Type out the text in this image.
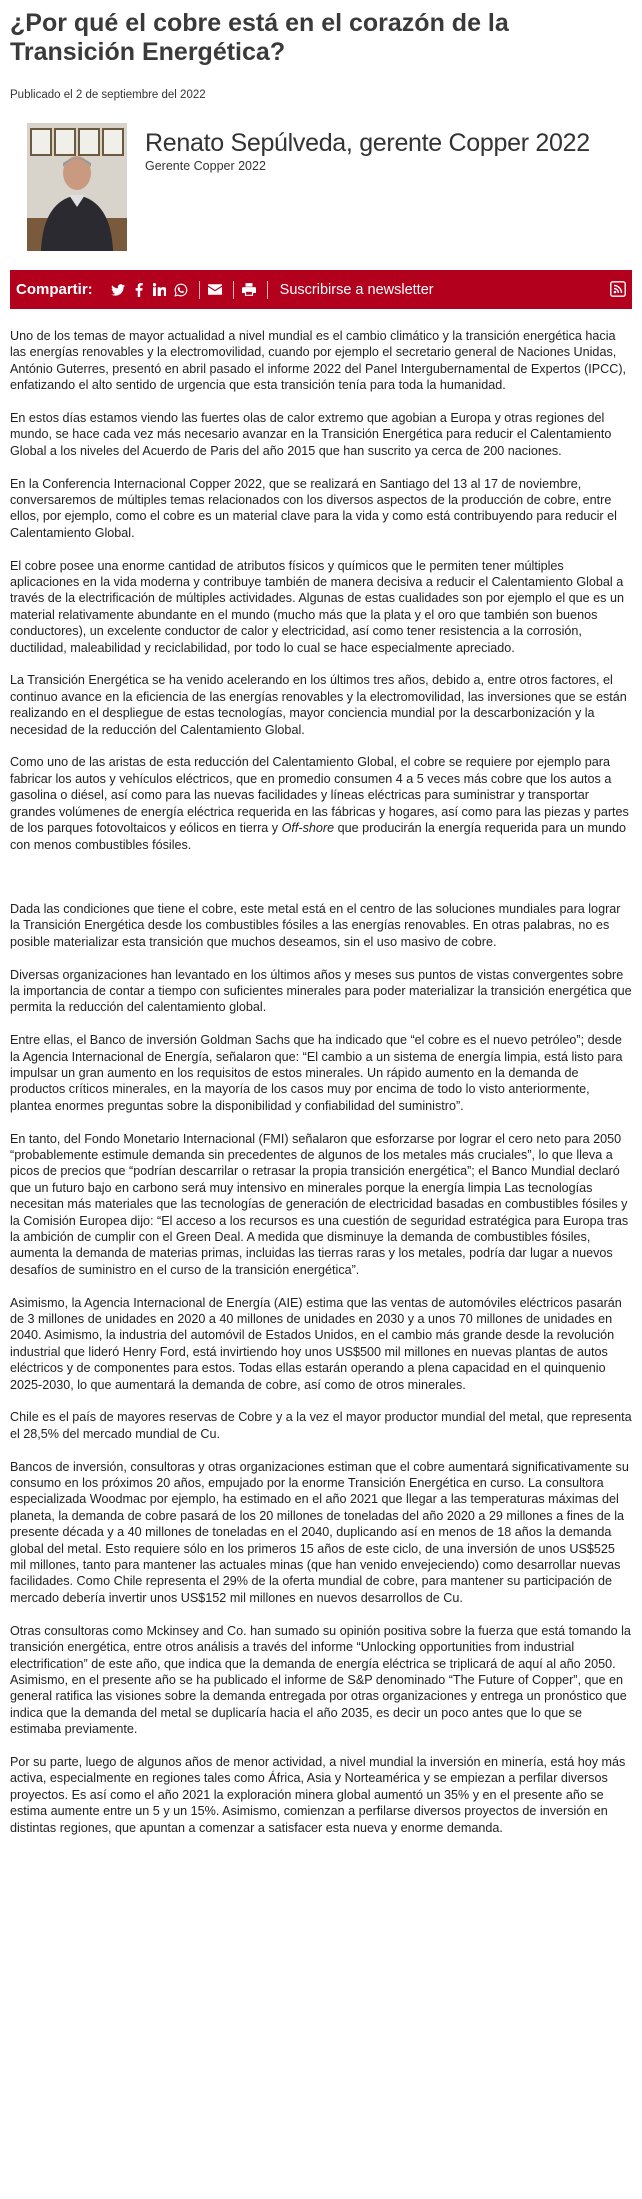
¿Por qué el cobre está en el corazón de la Transición Energética?
Publicado el 2 de septiembre del 2022
Renato Sepúlveda, gerente Copper 2022
Gerente Copper 2022
Compartir:	Suscribirse a newsletter

Uno de los temas de mayor actualidad a nivel mundial es el cambio climático y la transición energética hacia las energías renovables y la electromovilidad, cuando por ejemplo el secretario general de Naciones Unidas, António Guterres, presentó en abril pasado el informe 2022 del Panel Intergubernamental de Expertos (IPCC), enfatizando el alto sentido de urgencia que esta transición tenía para toda la humanidad.

En estos días estamos viendo las fuertes olas de calor extremo que agobian a Europa y otras regiones del mundo, se hace cada vez más necesario avanzar en la Transición Energética para reducir el Calentamiento Global a los niveles del Acuerdo de Paris del año 2015 que han suscrito ya cerca de 200 naciones.

En la Conferencia Internacional Copper 2022, que se realizará en Santiago del 13 al 17 de noviembre, conversaremos de múltiples temas relacionados con los diversos aspectos de la producción de cobre, entre ellos, por ejemplo, como el cobre es un material clave para la vida y como está contribuyendo para reducir el Calentamiento Global.

El cobre posee una enorme cantidad de atributos físicos y químicos que le permiten tener múltiples aplicaciones en la vida moderna y contribuye también de manera decisiva a reducir el Calentamiento Global a través de la electrificación de múltiples actividades. Algunas de estas cualidades son por ejemplo el que es un material relativamente abundante en el mundo (mucho más que la plata y el oro que también son buenos conductores), un excelente conductor de calor y electricidad, así como tener resistencia a la corrosión, ductilidad, maleabilidad y reciclabilidad, por todo lo cual se hace especialmente apreciado.

La Transición Energética se ha venido acelerando en los últimos tres años, debido a, entre otros factores, el continuo avance en la eficiencia de las energías renovables y la electromovilidad, las inversiones que se están realizando en el despliegue de estas tecnologías, mayor conciencia mundial por la descarbonización y la necesidad de la reducción del Calentamiento Global.

Como uno de las aristas de esta reducción del Calentamiento Global, el cobre se requiere por ejemplo para fabricar los autos y vehículos eléctricos, que en promedio consumen 4 a 5 veces más cobre que los autos a gasolina o diésel, así como para las nuevas facilidades y líneas eléctricas para suministrar y transportar grandes volúmenes de energía eléctrica requerida en las fábricas y hogares, así como para las piezas y partes de los parques fotovoltaicos y eólicos en tierra y Off-shore que producirán la energía requerida para un mundo con menos combustibles fósiles.

Dada las condiciones que tiene el cobre, este metal está en el centro de las soluciones mundiales para lograr la Transición Energética desde los combustibles fósiles a las energías renovables. En otras palabras, no es posible materializar esta transición que muchos deseamos, sin el uso masivo de cobre.

Diversas organizaciones han levantado en los últimos años y meses sus puntos de vistas convergentes sobre la importancia de contar a tiempo con suficientes minerales para poder materializar la transición energética que permita la reducción del calentamiento global.

Entre ellas, el Banco de inversión Goldman Sachs que ha indicado que “el cobre es el nuevo petróleo”; desde la Agencia Internacional de Energía, señalaron que: “El cambio a un sistema de energía limpia, está listo para impulsar un gran aumento en los requisitos de estos minerales. Un rápido aumento en la demanda de productos críticos minerales, en la mayoría de los casos muy por encima de todo lo visto anteriormente, plantea enormes preguntas sobre la disponibilidad y confiabilidad del suministro”.

En tanto, del Fondo Monetario Internacional (FMI) señalaron que esforzarse por lograr el cero neto para 2050 “probablemente estimule demanda sin precedentes de algunos de los metales más cruciales”, lo que lleva a picos de precios que “podrían descarrilar o retrasar la propia transición energética”; el Banco Mundial declaró que un futuro bajo en carbono será muy intensivo en minerales porque la energía limpia Las tecnologías necesitan más materiales que las tecnologías de generación de electricidad basadas en combustibles fósiles y la Comisión Europea dijo: “El acceso a los recursos es una cuestión de seguridad estratégica para Europa tras la ambición de cumplir con el Green Deal. A medida que disminuye la demanda de combustibles fósiles, aumenta la demanda de materias primas, incluidas las tierras raras y los metales, podría dar lugar a nuevos desafíos de suministro en el curso de la transición energética”.

Asimismo, la Agencia Internacional de Energía (AIE) estima que las ventas de automóviles eléctricos pasarán de 3 millones de unidades en 2020 a 40 millones de unidades en 2030 y a unos 70 millones de unidades en 2040. Asimismo, la industria del automóvil de Estados Unidos, en el cambio más grande desde la revolución industrial que lideró Henry Ford, está invirtiendo hoy unos US$500 mil millones en nuevas plantas de autos eléctricos y de componentes para estos. Todas ellas estarán operando a plena capacidad en el quinquenio 2025-2030, lo que aumentará la demanda de cobre, así como de otros minerales.

Chile es el país de mayores reservas de Cobre y a la vez el mayor productor mundial del metal, que representa el 28,5% del mercado mundial de Cu.

Bancos de inversión, consultoras y otras organizaciones estiman que el cobre aumentará significativamente su consumo en los próximos 20 años, empujado por la enorme Transición Energética en curso. La consultora especializada Woodmac por ejemplo, ha estimado en el año 2021 que llegar a las temperaturas máximas del planeta, la demanda de cobre pasará de los 20 millones de toneladas del año 2020 a 29 millones a fines de la presente década y a 40 millones de toneladas en el 2040, duplicando así en menos de 18 años la demanda global del metal. Esto requiere sólo en los primeros 15 años de este ciclo, de una inversión de unos US$525 mil millones, tanto para mantener las actuales minas (que han venido envejeciendo) como desarrollar nuevas facilidades. Como Chile representa el 29% de la oferta mundial de cobre, para mantener su participación de mercado debería invertir unos US$152 mil millones en nuevos desarrollos de Cu.

Otras consultoras como Mckinsey and Co. han sumado su opinión positiva sobre la fuerza que está tomando la transición energética, entre otros análisis a través del informe “Unlocking opportunities from industrial electrification” de este año, que indica que la demanda de energía eléctrica se triplicará de aquí al año 2050. Asimismo, en el presente año se ha publicado el informe de S&P denominado “The Future of Copper”, que en general ratifica las visiones sobre la demanda entregada por otras organizaciones y entrega un pronóstico que indica que la demanda del metal se duplicaría hacia el año 2035, es decir un poco antes que lo que se estimaba previamente.

Por su parte, luego de algunos años de menor actividad, a nivel mundial la inversión en minería, está hoy más activa, especialmente en regiones tales como África, Asia y Norteamérica y se empiezan a perfilar diversos proyectos. Es así como el año 2021 la exploración minera global aumentó un 35% y en el presente año se estima aumente entre un 5 y un 15%. Asimismo, comienzan a perfilarse diversos proyectos de inversión en distintas regiones, que apuntan a comenzar a satisfacer esta nueva y enorme demanda.
